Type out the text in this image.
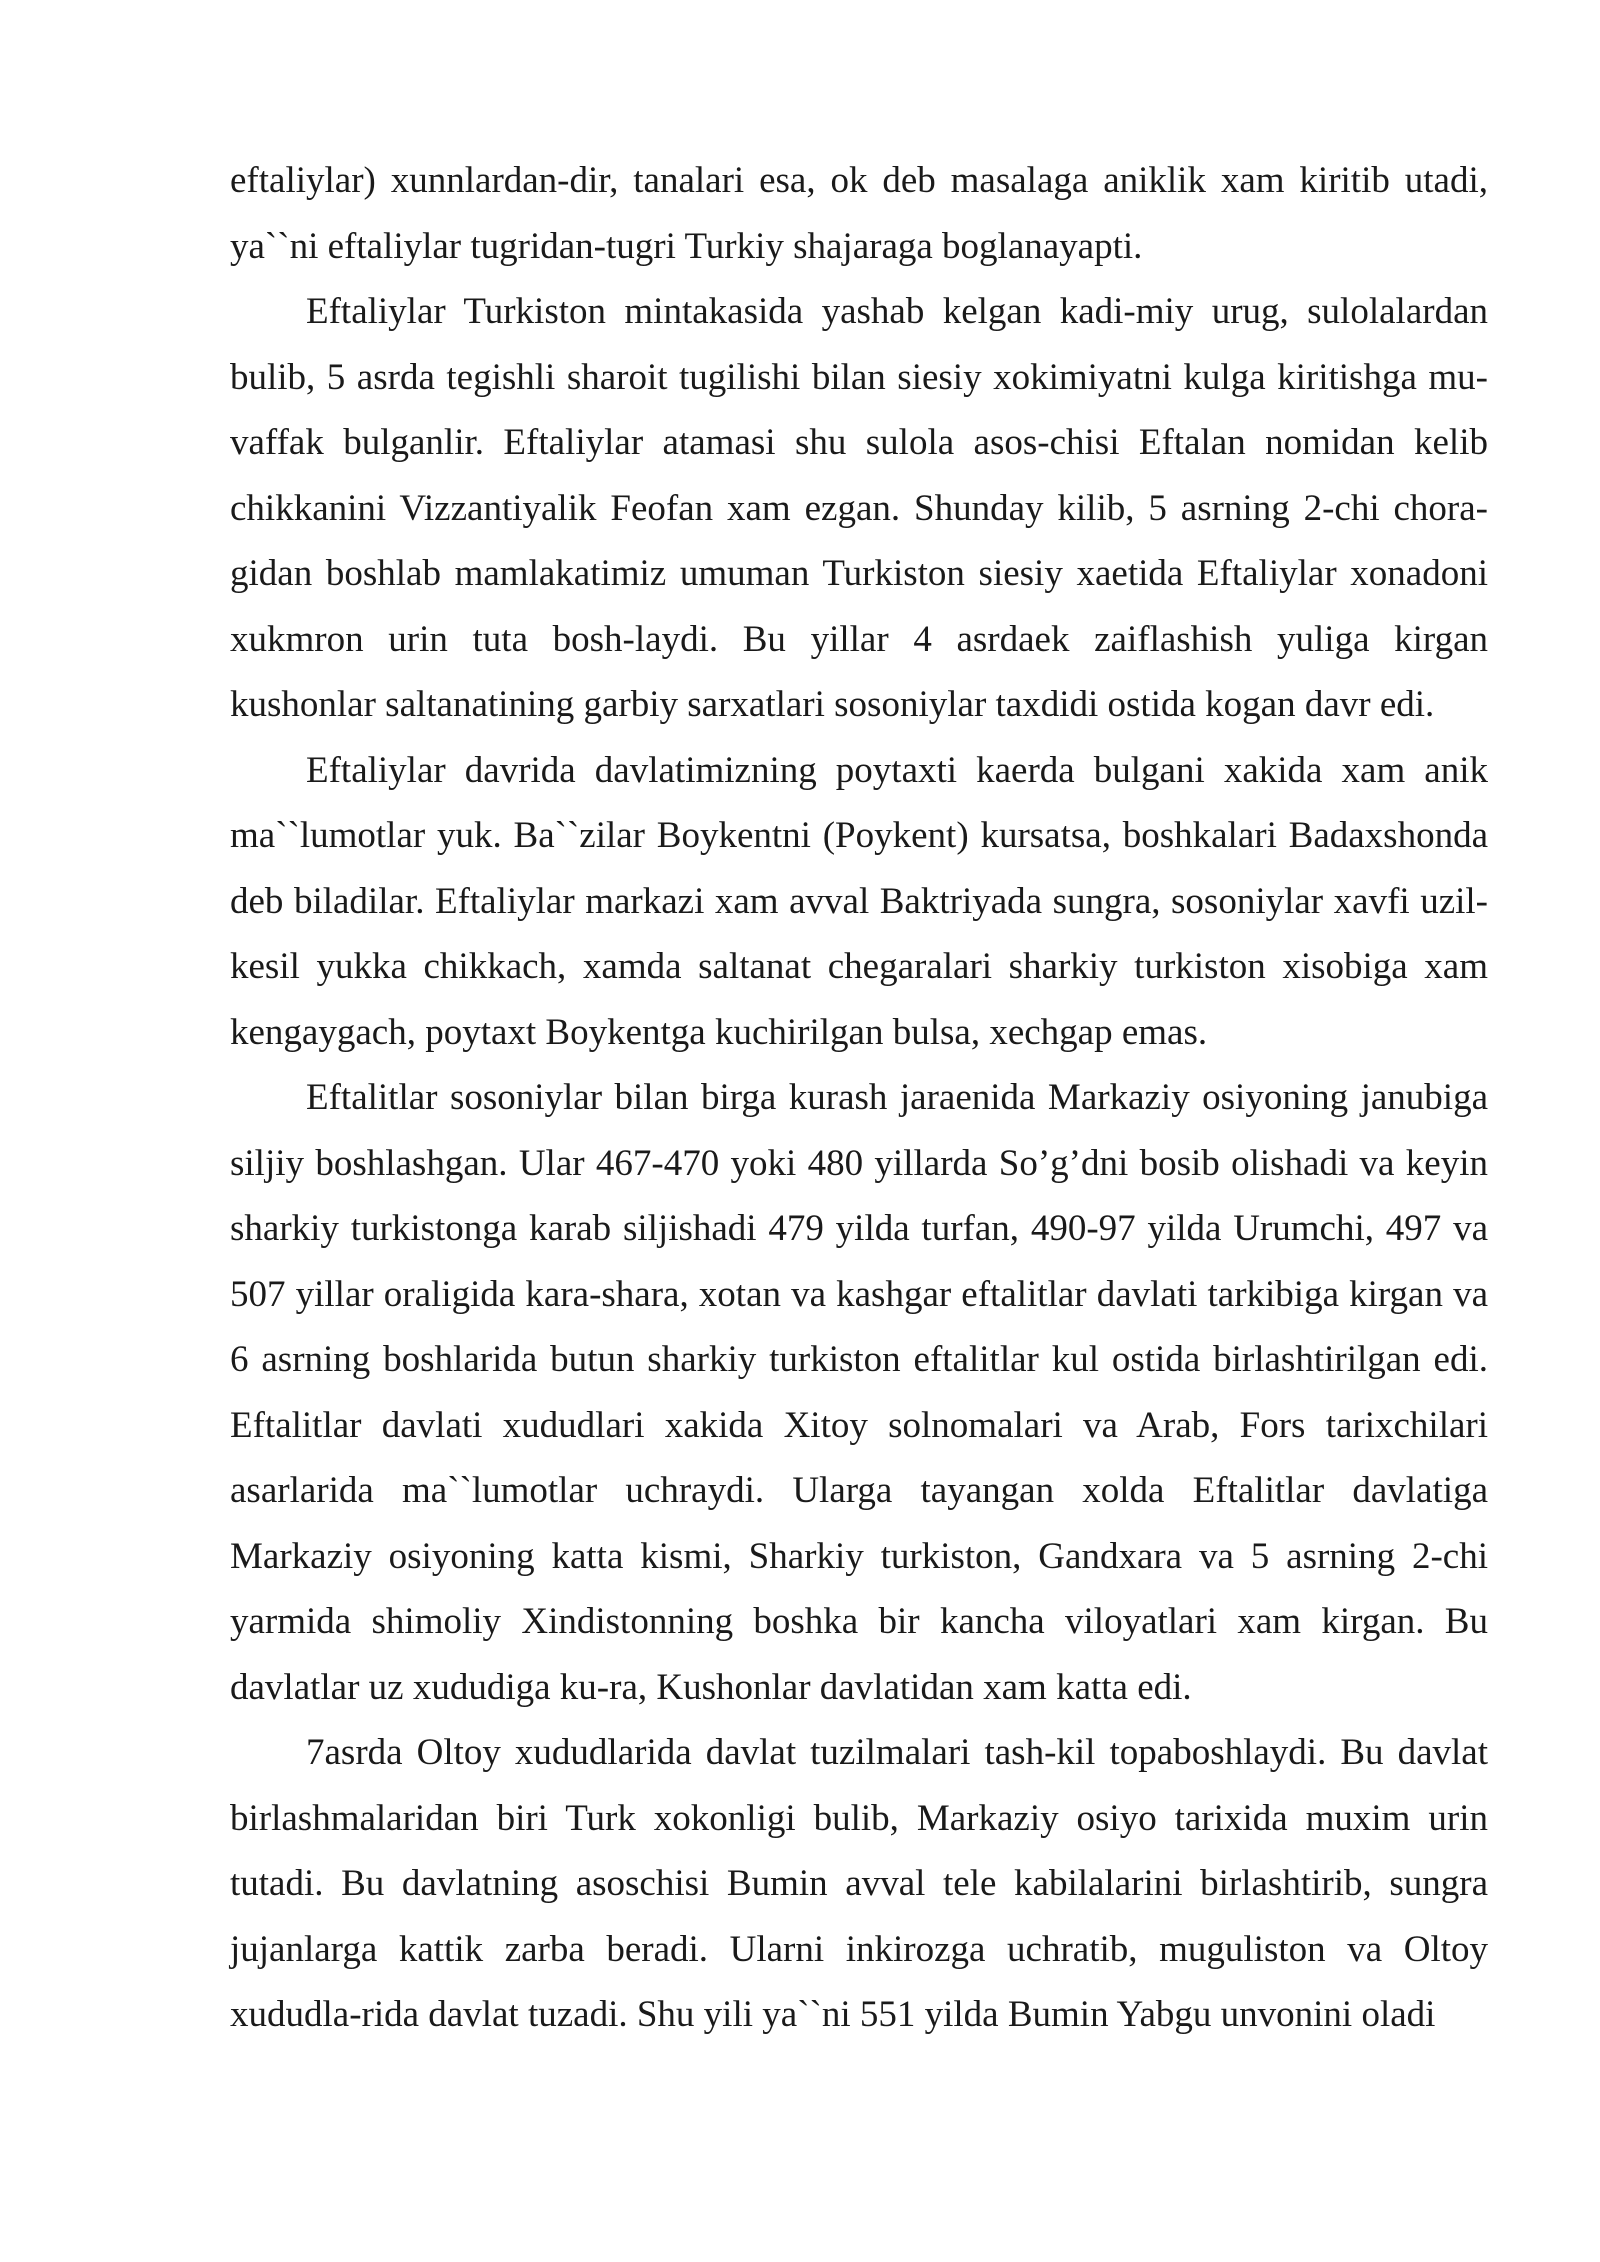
eftaliylar) xunnlardan-dir, tanalari esa, ok deb masalaga aniklik xam kiritib utadi, ya``ni eftaliylar tugridan-tugri Turkiy shajaraga boglanayapti.

Eftaliylar Turkiston mintakasida yashab kelgan kadi-miy urug, sulolalardan bulib, 5 asrda tegishli sharoit tugilishi bilan siesiy xokimiyatni kulga kiritishga muvaffak bulganlir. Eftaliylar atamasi shu sulola asos-chisi Eftalan nomidan kelib chikkanini Vizzantiyalik Feofan xam ezgan. Shunday kilib, 5 asrning 2-chi choragidan boshlab mamlakatimiz umuman Turkiston siesiy xaetida Eftaliylar xonadoni xukmron urin tuta bosh-laydi. Bu yillar 4 asrdaek zaiflashish yuliga kirgan kushonlar saltanatining garbiy sarxatlari sosoniylar taxdidi ostida kogan davr edi.

Eftaliylar davrida davlatimizning poytaxti kaerda bulgani xakida xam anik ma``lumotlar yuk. Ba``zilar Boykentni (Poykent) kursatsa, boshkalari Badaxshonda deb biladilar. Eftaliylar markazi xam avval Baktriyada sungra, sosoniylar xavfi uzil-kesil yukka chikkach, xamda saltanat chegaralari sharkiy turkiston xisobiga xam kengaygach, poytaxt Boykentga kuchirilgan bulsa, xechgap emas.

Eftalitlar sosoniylar bilan birga kurash jaraenida Markaziy osiyoning janubiga siljiy boshlashgan. Ular 467-470 yoki 480 yillarda So’g’dni bosib olishadi va keyin sharkiy turkistonga karab siljishadi 479 yilda turfan, 490-97 yilda Urumchi, 497 va 507 yillar oraligida kara-shara, xotan va kashgar eftalitlar davlati tarkibiga kirgan va 6 asrning boshlarida butun sharkiy turkiston eftalitlar kul ostida birlashtirilgan edi. Eftalitlar davlati xududlari xakida Xitoy solnomalari va Arab, Fors tarixchilari asarlarida ma``lumotlar uchraydi. Ularga tayangan xolda Eftalitlar davlatiga Markaziy osiyoning katta kismi, Sharkiy turkiston, Gandxara va 5 asrning 2-chi yarmida shimoliy Xindistonning boshka bir kancha viloyatlari xam kirgan. Bu davlatlar uz xududiga ku-ra, Kushonlar davlatidan xam katta edi.

7asrda Oltoy xududlarida davlat tuzilmalari tash-kil topaboshlaydi. Bu davlat birlashmalaridan biri Turk xokonligi bulib, Markaziy osiyo tarixida muxim urin tutadi. Bu davlatning asoschisi Bumin avval tele kabilalarini birlashtirib, sungra jujanlarga kattik zarba beradi. Ularni inkirozga uchratib, muguliston va Oltoy xududla-rida davlat tuzadi. Shu yili ya``ni 551 yilda Bumin Yabgu unvonini oladi
